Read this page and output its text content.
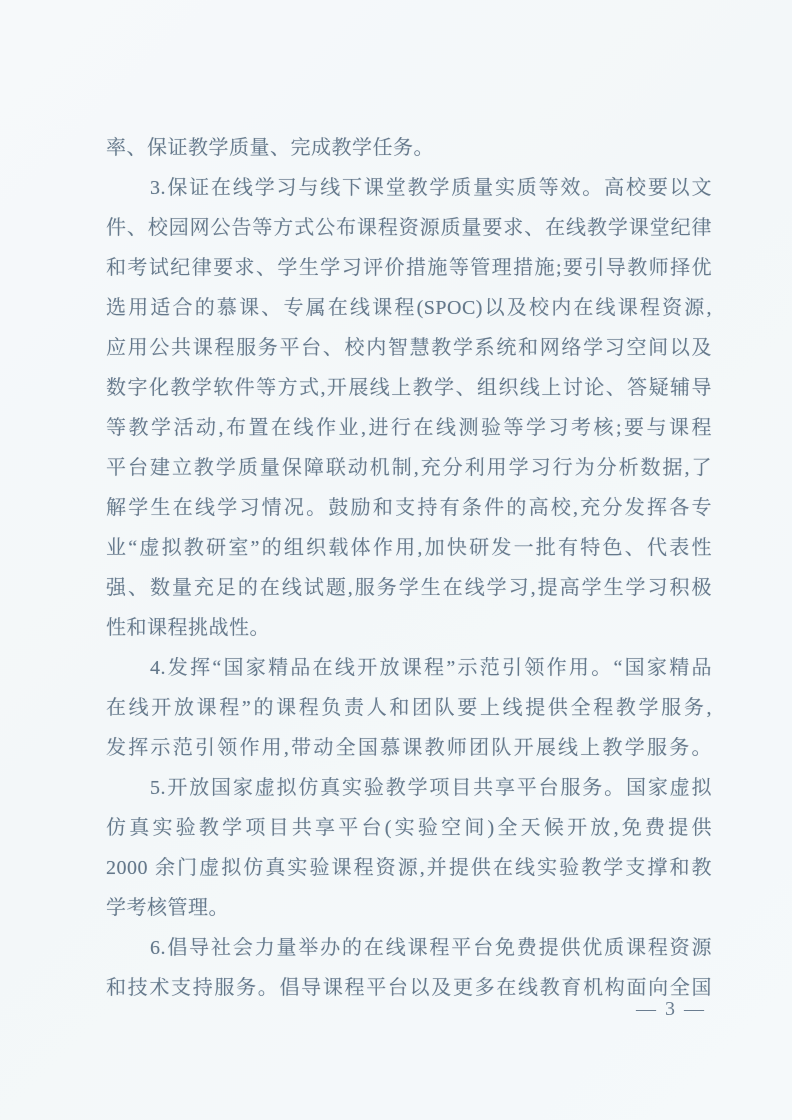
率、保证教学质量、完成教学任务。
3.保证在线学习与线下课堂教学质量实质等效。高校要以文
件、校园网公告等方式公布课程资源质量要求、在线教学课堂纪律
和考试纪律要求、学生学习评价措施等管理措施;要引导教师择优
选用适合的慕课、专属在线课程(SPOC)以及校内在线课程资源,
应用公共课程服务平台、校内智慧教学系统和网络学习空间以及
数字化教学软件等方式,开展线上教学、组织线上讨论、答疑辅导
等教学活动,布置在线作业,进行在线测验等学习考核;要与课程
平台建立教学质量保障联动机制,充分利用学习行为分析数据,了
解学生在线学习情况。鼓励和支持有条件的高校,充分发挥各专
业“虚拟教研室”的组织载体作用,加快研发一批有特色、代表性
强、数量充足的在线试题,服务学生在线学习,提高学生学习积极
性和课程挑战性。
4.发挥“国家精品在线开放课程”示范引领作用。“国家精品
在线开放课程”的课程负责人和团队要上线提供全程教学服务,
发挥示范引领作用,带动全国慕课教师团队开展线上教学服务。
5.开放国家虚拟仿真实验教学项目共享平台服务。国家虚拟
仿真实验教学项目共享平台(实验空间)全天候开放,免费提供
2000 余门虚拟仿真实验课程资源,并提供在线实验教学支撑和教
学考核管理。
6.倡导社会力量举办的在线课程平台免费提供优质课程资源
和技术支持服务。倡导课程平台以及更多在线教育机构面向全国
— 3 —
